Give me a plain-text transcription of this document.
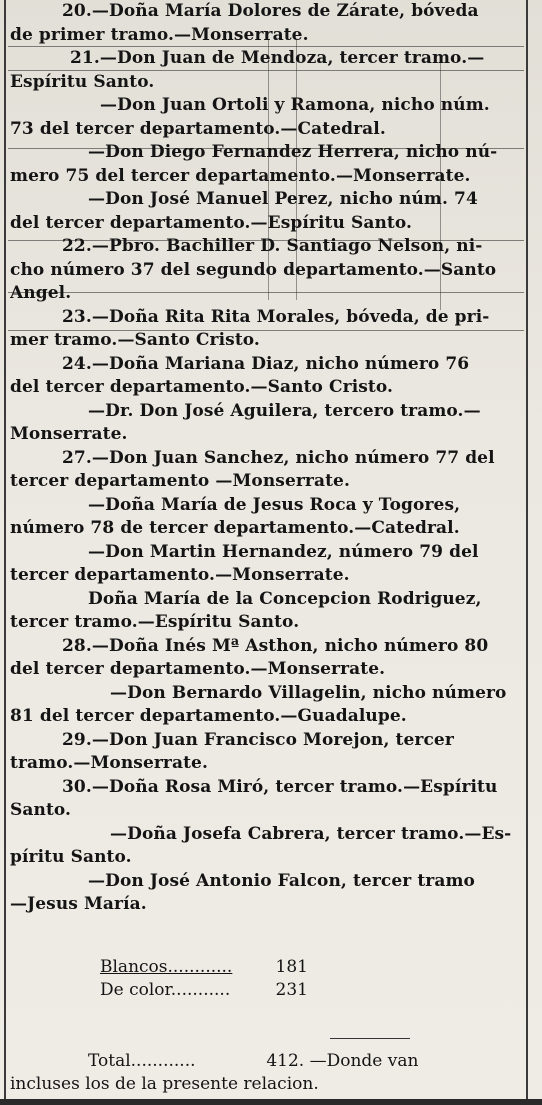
20.—Doña María Dolores de Zárate, bóveda
de primer tramo.—Monserrate.
21.—Don Juan de Mendoza, tercer tramo.—
Espíritu Santo.
—Don Juan Ortoli y Ramona, nicho núm.
73 del tercer departamento.—Catedral.
—Don Diego Fernandez Herrera, nicho nú-
mero 75 del tercer departamento.—Monserrate.
—Don José Manuel Perez, nicho núm. 74
del tercer departamento.—Espíritu Santo.
22.—Pbro. Bachiller D. Santiago Nelson, ni-
cho número 37 del segundo departamento.—Santo
Angel.
23.—Doña Rita Rita Morales, bóveda, de pri-
mer tramo.—Santo Cristo.
24.—Doña Mariana Diaz, nicho número 76
del tercer departamento.—Santo Cristo.
—Dr. Don José Aguilera, tercero tramo.—
Monserrate.
27.—Don Juan Sanchez, nicho número 77 del
tercer departamento —Monserrate.
—Doña María de Jesus Roca y Togores,
número 78 de tercer departamento.—Catedral.
—Don Martin Hernandez, número 79 del
tercer departamento.—Monserrate.
Doña María de la Concepcion Rodriguez,
tercer tramo.—Espíritu Santo.
28.—Doña Inés Mª Asthon, nicho número 80
del tercer departamento.—Monserrate.
—Don Bernardo Villagelin, nicho número
81 del tercer departamento.—Guadalupe.
29.—Don Juan Francisco Morejon, tercer
tramo.—Monserrate.
30.—Doña Rosa Miró, tercer tramo.—Espíritu
Santo.
—Doña Josefa Cabrera, tercer tramo.—Es-
píritu Santo.
—Don José Antonio Falcon, tercer tramo
—Jesus María.
Blancos............	181
De color...........	231
Total............	412. —Donde van
incluses los de la presente relacion.
